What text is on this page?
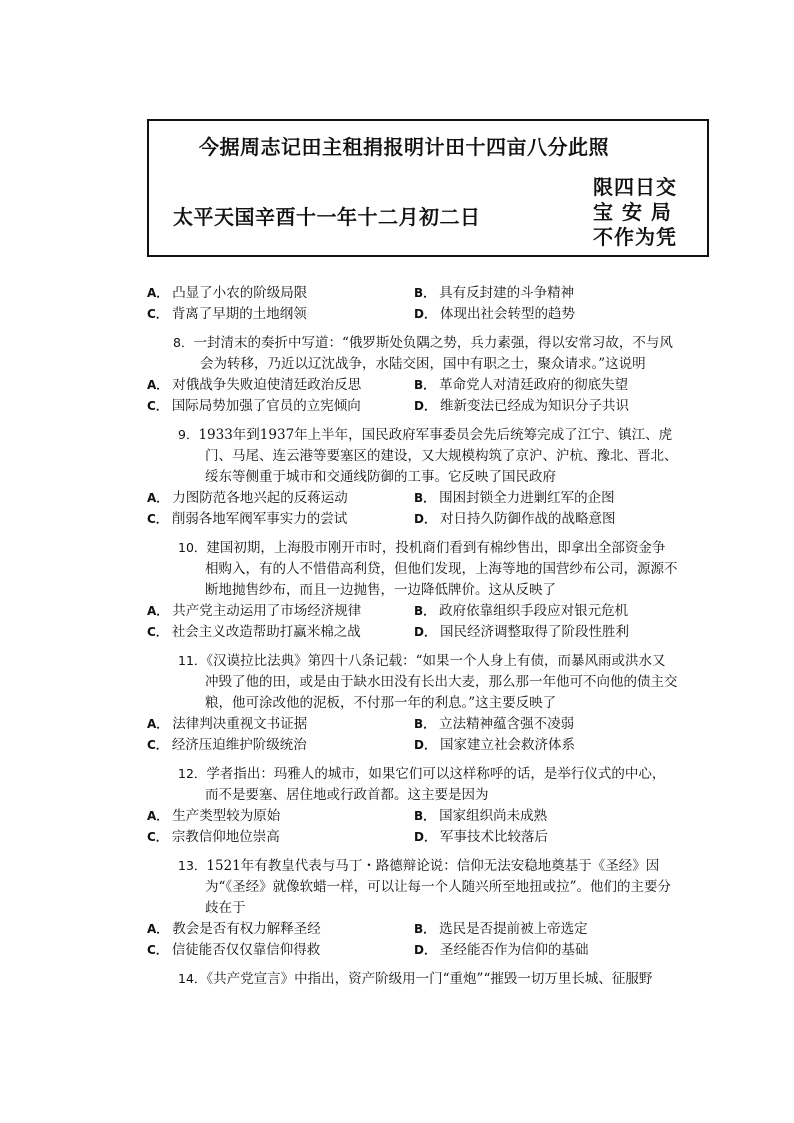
今据周志记田主租捐报明计田十四亩八分此照
太平天国辛酉十一年十二月初二日
限四日交
宝 安 局
不作为凭
A． 凸显了小农的阶级局限	B． 具有反封建的斗争精神
C． 背离了早期的土地纲领	D． 体现出社会转型的趋势
8．一封清末的奏折中写道：“俄罗斯处负隅之势，兵力素强，得以安常习故，不与风会为转移，乃近以辽沈战争，水陆交困，国中有职之士，聚众请求。”这说明
A． 对俄战争失败迫使清廷政治反思	B． 革命党人对清廷政府的彻底失望
C． 国际局势加强了官员的立宪倾向	D． 维新变法已经成为知识分子共识
9．1933年到1937年上半年，国民政府军事委员会先后统筹完成了江宁、镇江、虎门、马尾、连云港等要塞区的建设，又大规模构筑了京沪、沪杭、豫北、晋北、绥东等侧重于城市和交通线防御的工事。它反映了国民政府
A． 力图防范各地兴起的反蒋运动	B． 围困封锁全力进剿红军的企图
C． 削弱各地军阀军事实力的尝试	D． 对日持久防御作战的战略意图
10．建国初期，上海股市刚开市时，投机商们看到有棉纱售出，即拿出全部资金争相购入，有的人不惜借高利贷，但他们发现，上海等地的国营纱布公司，源源不断地抛售纱布，而且一边抛售，一边降低牌价。这从反映了
A． 共产党主动运用了市场经济规律	B． 政府依靠组织手段应对银元危机
C． 社会主义改造帮助打赢米棉之战	D． 国民经济调整取得了阶段性胜利
11．《汉谟拉比法典》第四十八条记载：“如果一个人身上有债，而暴风雨或洪水又冲毁了他的田，或是由于缺水田没有长出大麦，那么那一年他可不向他的债主交粮，他可涂改他的泥板，不付那一年的利息。”这主要反映了
A． 法律判决重视文书证据	B． 立法精神蕴含强不凌弱
C． 经济压迫维护阶级统治	D． 国家建立社会救济体系
12．学者指出：玛雅人的城市，如果它们可以这样称呼的话，是举行仪式的中心，而不是要塞、居住地或行政首都。这主要是因为
A． 生产类型较为原始	B． 国家组织尚未成熟
C． 宗教信仰地位崇高	D． 军事技术比较落后
13．1521年有教皇代表与马丁・路德辩论说：信仰无法安稳地奠基于《圣经》因为“《圣经》就像软蜡一样，可以让每一个人随兴所至地扭或拉”。他们的主要分歧在于
A． 教会是否有权力解释圣经	B． 选民是否提前被上帝选定
C． 信徒能否仅仅靠信仰得救	D． 圣经能否作为信仰的基础
14．《共产党宣言》中指出，资产阶级用一门“重炮”“摧毁一切万里长城、征服野
